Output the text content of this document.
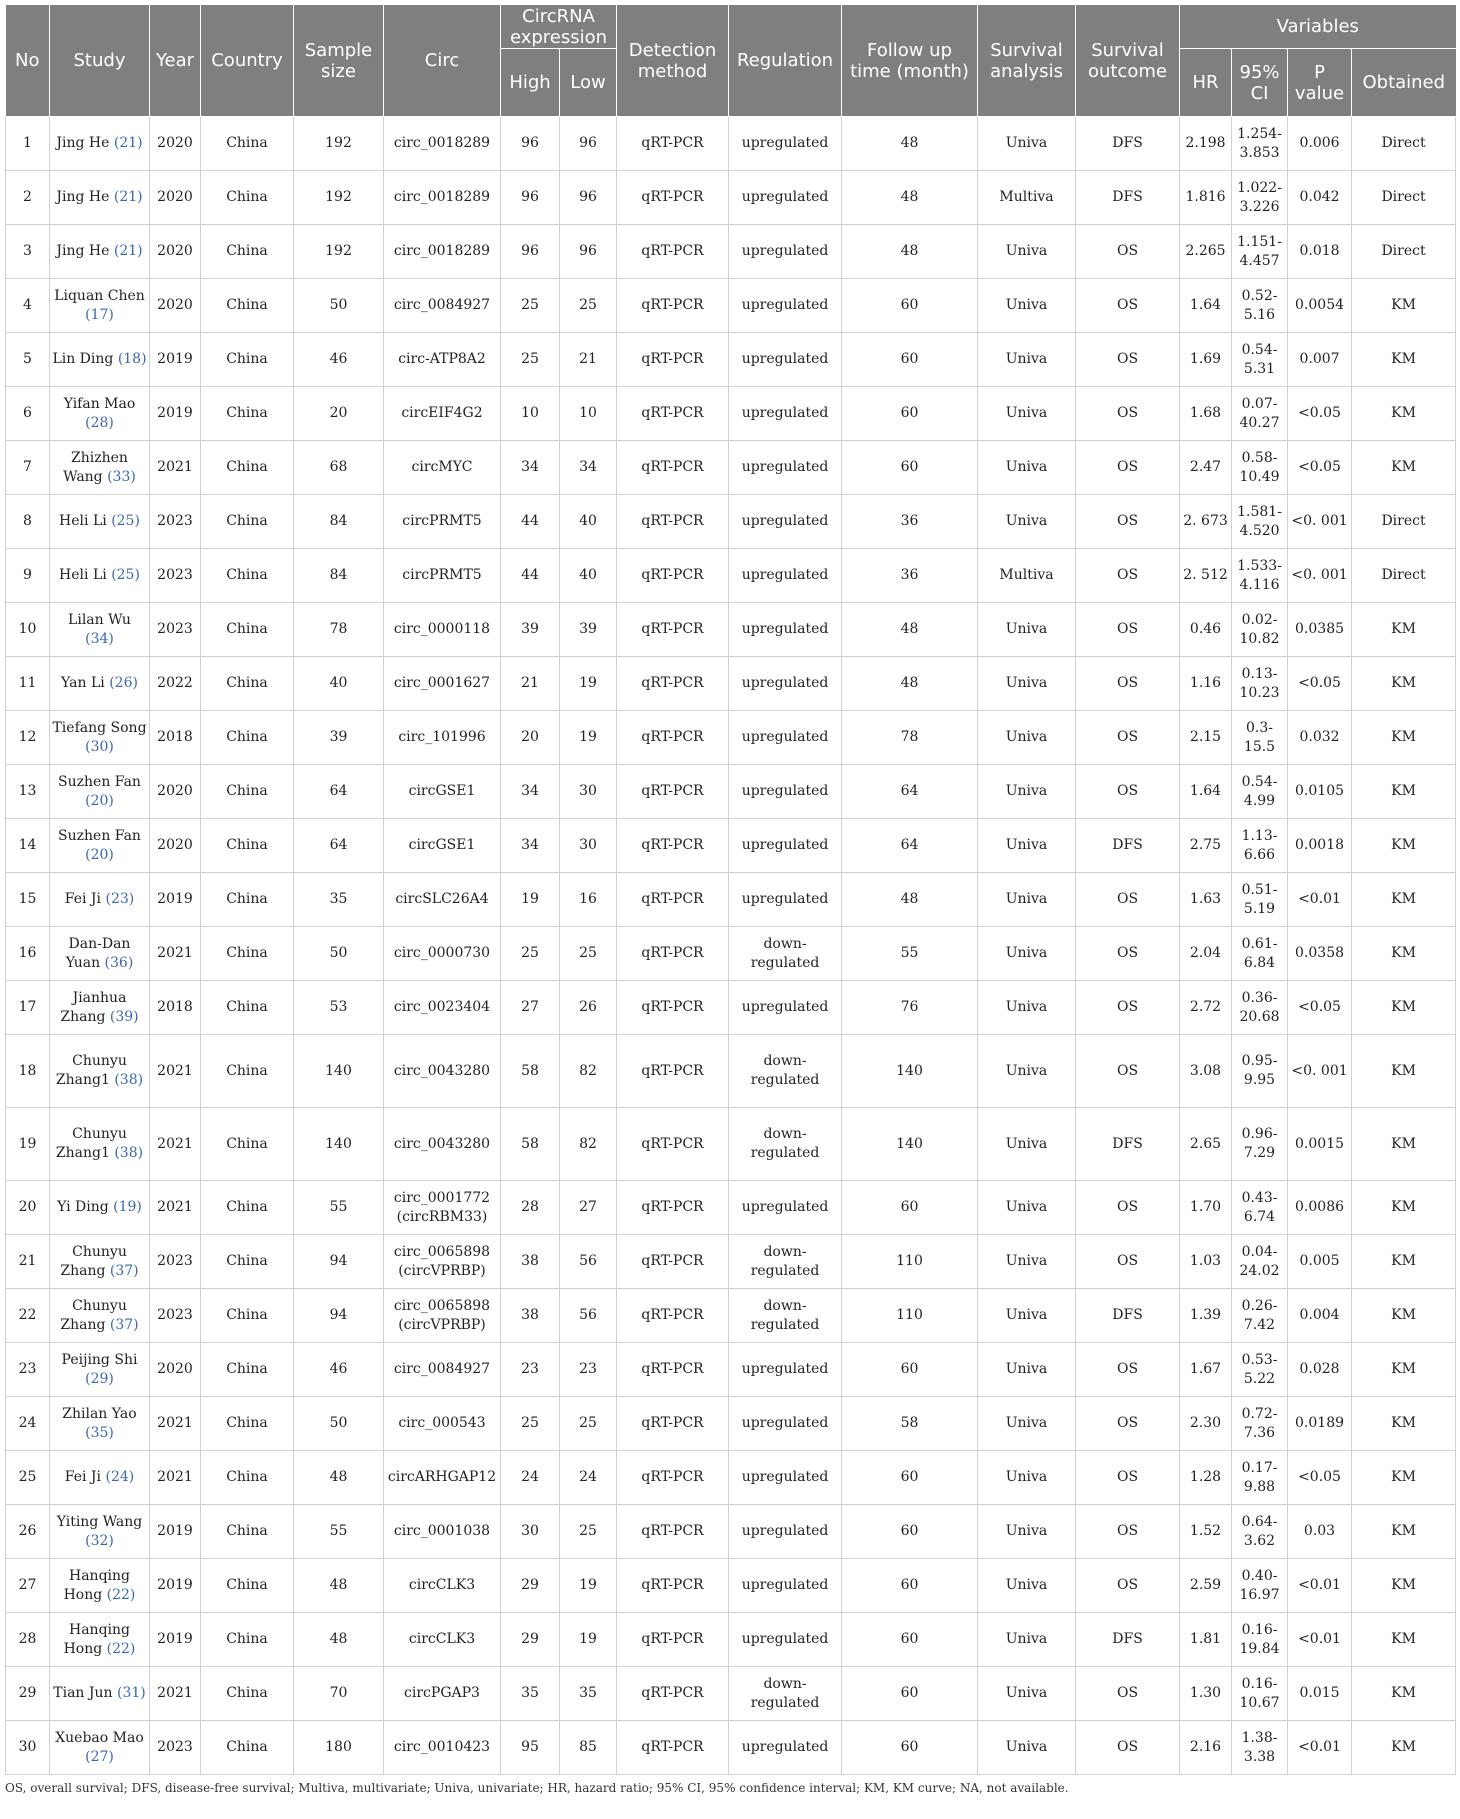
No	Study	Year	Country	Sample size	Circ	CircRNA expression		Detection method	Regulation	Follow up time (month)	Survival analysis	Survival outcome	Variables			
						High	Low						HR	95% CI	P value	Obtained
1	Jing He (21)	2020	China	192	circ_0018289	96	96	qRT-PCR	upregulated	48	Univa	DFS	2.198	1.254-3.853	0.006	Direct
2	Jing He (21)	2020	China	192	circ_0018289	96	96	qRT-PCR	upregulated	48	Multiva	DFS	1.816	1.022-3.226	0.042	Direct
3	Jing He (21)	2020	China	192	circ_0018289	96	96	qRT-PCR	upregulated	48	Univa	OS	2.265	1.151-4.457	0.018	Direct
4	Liquan Chen (17)	2020	China	50	circ_0084927	25	25	qRT-PCR	upregulated	60	Univa	OS	1.64	0.52-5.16	0.0054	KM
5	Lin Ding (18)	2019	China	46	circ-ATP8A2	25	21	qRT-PCR	upregulated	60	Univa	OS	1.69	0.54-5.31	0.007	KM
6	Yifan Mao (28)	2019	China	20	circEIF4G2	10	10	qRT-PCR	upregulated	60	Univa	OS	1.68	0.07-40.27	<0.05	KM
7	Zhizhen Wang (33)	2021	China	68	circMYC	34	34	qRT-PCR	upregulated	60	Univa	OS	2.47	0.58-10.49	<0.05	KM
8	Heli Li (25)	2023	China	84	circPRMT5	44	40	qRT-PCR	upregulated	36	Univa	OS	2. 673	1.581-4.520	<0. 001	Direct
9	Heli Li (25)	2023	China	84	circPRMT5	44	40	qRT-PCR	upregulated	36	Multiva	OS	2. 512	1.533-4.116	<0. 001	Direct
10	Lilan Wu (34)	2023	China	78	circ_0000118	39	39	qRT-PCR	upregulated	48	Univa	OS	0.46	0.02-10.82	0.0385	KM
11	Yan Li (26)	2022	China	40	circ_0001627	21	19	qRT-PCR	upregulated	48	Univa	OS	1.16	0.13-10.23	<0.05	KM
12	Tiefang Song (30)	2018	China	39	circ_101996	20	19	qRT-PCR	upregulated	78	Univa	OS	2.15	0.3-15.5	0.032	KM
13	Suzhen Fan (20)	2020	China	64	circGSE1	34	30	qRT-PCR	upregulated	64	Univa	OS	1.64	0.54-4.99	0.0105	KM
14	Suzhen Fan (20)	2020	China	64	circGSE1	34	30	qRT-PCR	upregulated	64	Univa	DFS	2.75	1.13-6.66	0.0018	KM
15	Fei Ji (23)	2019	China	35	circSLC26A4	19	16	qRT-PCR	upregulated	48	Univa	OS	1.63	0.51-5.19	<0.01	KM
16	Dan-Dan Yuan (36)	2021	China	50	circ_0000730	25	25	qRT-PCR	down-regulated	55	Univa	OS	2.04	0.61-6.84	0.0358	KM
17	Jianhua Zhang (39)	2018	China	53	circ_0023404	27	26	qRT-PCR	upregulated	76	Univa	OS	2.72	0.36-20.68	<0.05	KM
18	Chunyu Zhang1 (38)	2021	China	140	circ_0043280	58	82	qRT-PCR	down-regulated	140	Univa	OS	3.08	0.95-9.95	<0. 001	KM
19	Chunyu Zhang1 (38)	2021	China	140	circ_0043280	58	82	qRT-PCR	down-regulated	140	Univa	DFS	2.65	0.96-7.29	0.0015	KM
20	Yi Ding (19)	2021	China	55	circ_0001772 (circRBM33)	28	27	qRT-PCR	upregulated	60	Univa	OS	1.70	0.43-6.74	0.0086	KM
21	Chunyu Zhang (37)	2023	China	94	circ_0065898 (circVPRBP)	38	56	qRT-PCR	down-regulated	110	Univa	OS	1.03	0.04-24.02	0.005	KM
22	Chunyu Zhang (37)	2023	China	94	circ_0065898 (circVPRBP)	38	56	qRT-PCR	down-regulated	110	Univa	DFS	1.39	0.26-7.42	0.004	KM
23	Peijing Shi (29)	2020	China	46	circ_0084927	23	23	qRT-PCR	upregulated	60	Univa	OS	1.67	0.53-5.22	0.028	KM
24	Zhilan Yao (35)	2021	China	50	circ_000543	25	25	qRT-PCR	upregulated	58	Univa	OS	2.30	0.72-7.36	0.0189	KM
25	Fei Ji (24)	2021	China	48	circARHGAP12	24	24	qRT-PCR	upregulated	60	Univa	OS	1.28	0.17-9.88	<0.05	KM
26	Yiting Wang (32)	2019	China	55	circ_0001038	30	25	qRT-PCR	upregulated	60	Univa	OS	1.52	0.64-3.62	0.03	KM
27	Hanqing Hong (22)	2019	China	48	circCLK3	29	19	qRT-PCR	upregulated	60	Univa	OS	2.59	0.40-16.97	<0.01	KM
28	Hanqing Hong (22)	2019	China	48	circCLK3	29	19	qRT-PCR	upregulated	60	Univa	DFS	1.81	0.16-19.84	<0.01	KM
29	Tian Jun (31)	2021	China	70	circPGAP3	35	35	qRT-PCR	down-regulated	60	Univa	OS	1.30	0.16-10.67	0.015	KM
30	Xuebao Mao (27)	2023	China	180	circ_0010423	95	85	qRT-PCR	upregulated	60	Univa	OS	2.16	1.38-3.38	<0.01	KM
OS, overall survival; DFS, disease-free survival; Multiva, multivariate; Univa, univariate; HR, hazard ratio; 95% CI, 95% confidence interval; KM, KM curve; NA, not available.
